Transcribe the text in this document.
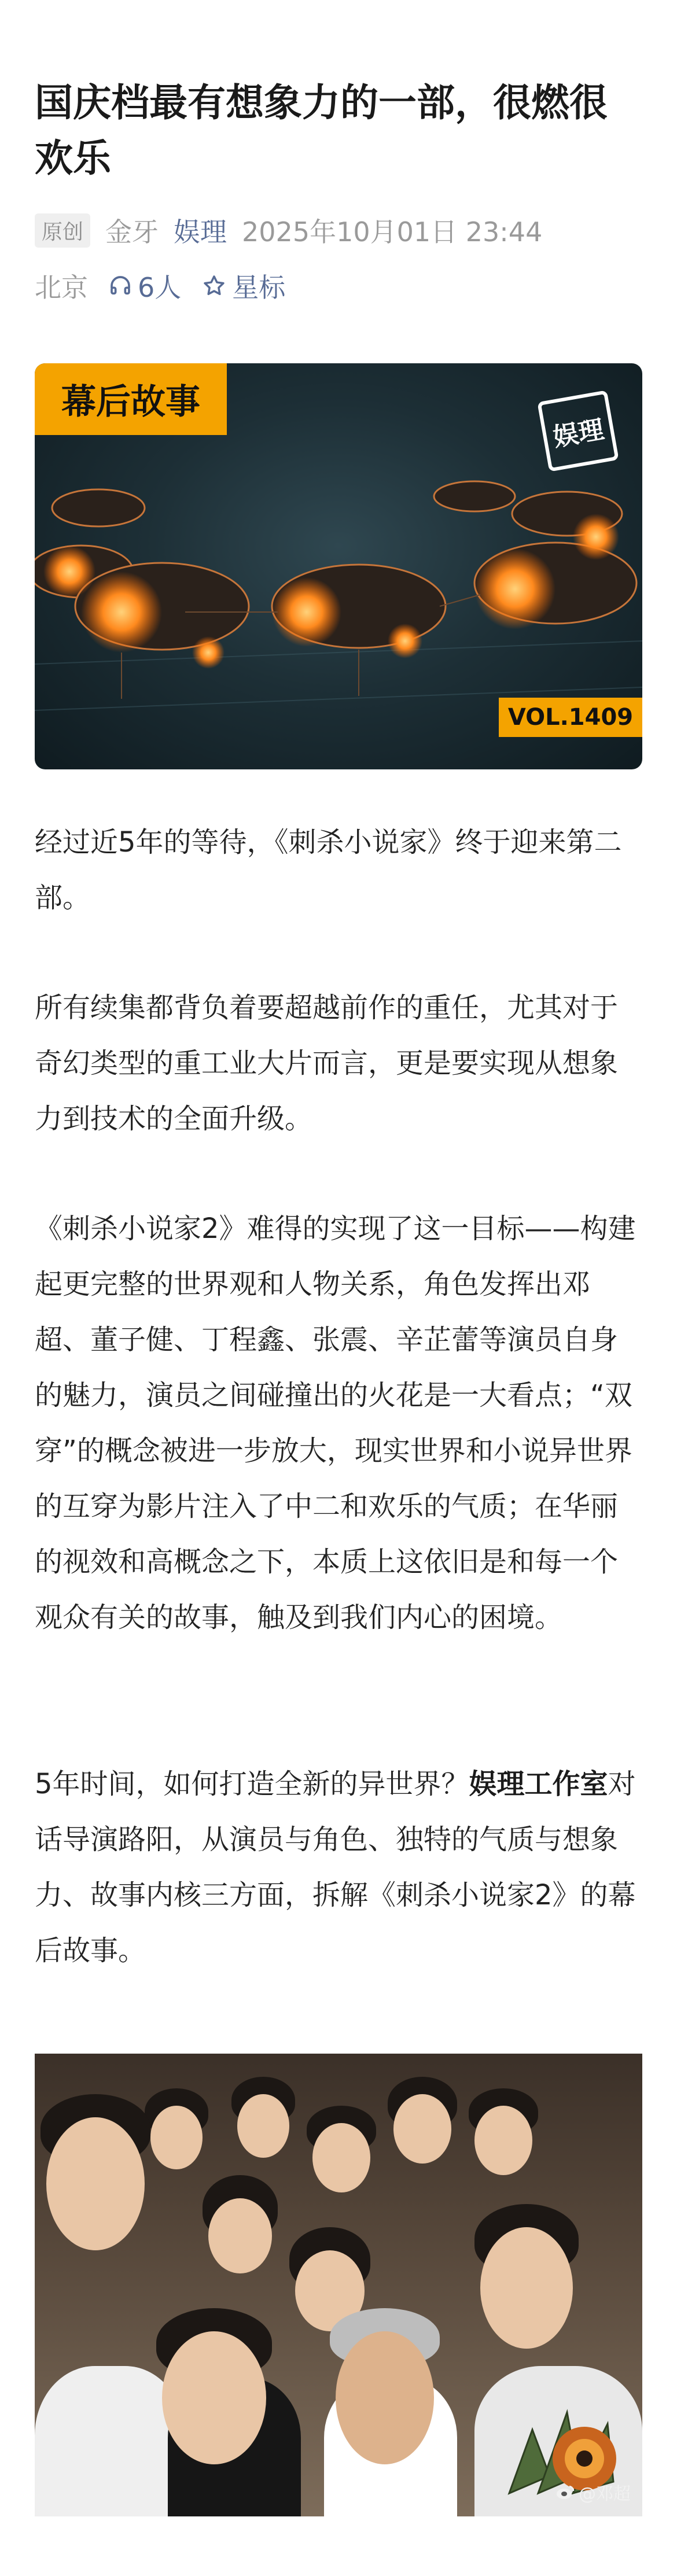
国庆档最有想象力的一部，很燃很欢乐
原创 金牙 娱理 2025年10月01日 23:44
北京 6人 星标
幕后故事
娱理
VOL.1409

经过近5年的等待，《刺杀小说家》终于迎来第二部。

所有续集都背负着要超越前作的重任，尤其对于奇幻类型的重工业大片而言，更是要实现从想象力到技术的全面升级。

《刺杀小说家2》难得的实现了这一目标——构建起更完整的世界观和人物关系，角色发挥出邓超、董子健、丁程鑫、张震、辛芷蕾等演员自身的魅力，演员之间碰撞出的火花是一大看点；“双穿”的概念被进一步放大，现实世界和小说异世界的互穿为影片注入了中二和欢乐的气质；在华丽的视效和高概念之下，本质上这依旧是和每一个观众有关的故事，触及到我们内心的困境。

5年时间，如何打造全新的异世界？娱理工作室对话导演路阳，从演员与角色、独特的气质与想象力、故事内核三方面，拆解《刺杀小说家2》的幕后故事。

@邓超
